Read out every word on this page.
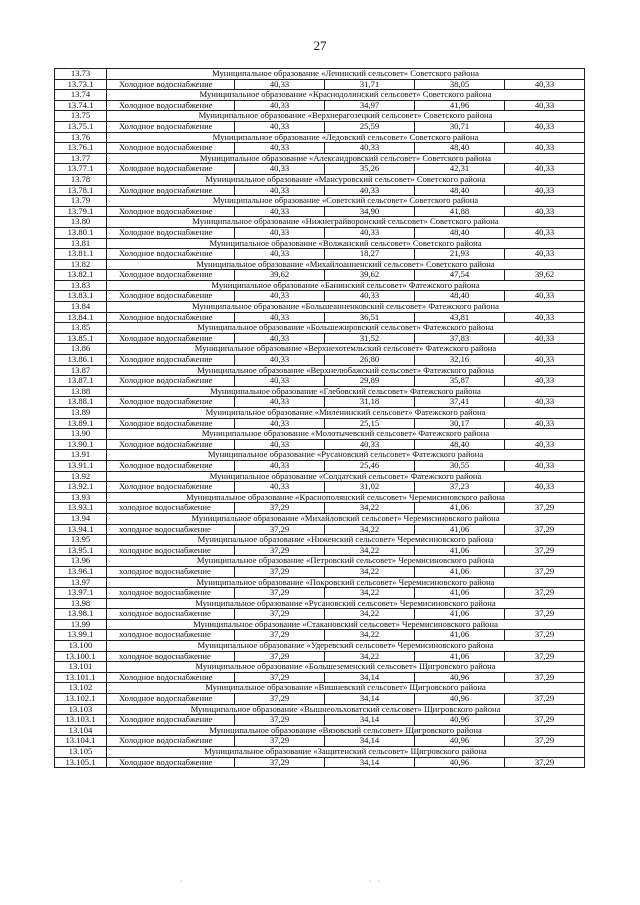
27
13.73	Муниципальное образование «Ленинский сельсовет» Советского района				
13.73.1	Холодное водоснабжение	40,33	31,71	38,05	40,33
13.74	Муниципальное образование «Краснодолинский сельсовет» Советского района				
13.74.1	Холодное водоснабжение	40,33	34,97	41,96	40,33
13.75	Муниципальное образование «Верхнерагозецкий сельсовет» Советского района				
13.75.1	Холодное водоснабжение	40,33	25,59	30,71	40,33
13.76	Муниципальное образование «Ледовский сельсовет» Советского района				
13.76.1	Холодное водоснабжение	40,33	40,33	48,40	40,33
13.77	Муниципальное образование «Александровский сельсовет» Советского района				
13.77.1	Холодное водоснабжение	40,33	35,26	42,31	40,33
13.78	Муниципальное образование «Мансуровский сельсовет» Советского района				
13.78.1	Холодное водоснабжение	40,33	40,33	48,40	40,33
13.79	Муниципальное образование «Советский сельсовет» Советского района				
13.79.1	Холодное водоснабжение	40,33	34,90	41,88	40,33
13.80	Муниципальное образование «Нижнеграйворонский сельсовет» Советского района				
13.80.1	Холодное водоснабжение	40,33	40,33	48,40	40,33
13.81	Муниципальное образование «Волжанский сельсовет» Советского района				
13.81.1	Холодное водоснабжение	40,33	18,27	21,93	40,33
13.82	Муниципальное образование «Михайлоанненский сельсовет» Советского района				
13.82.1	Холодное водоснабжение	39,62	39,62	47,54	39,62
13.83	Муниципальное образование «Банинский сельсовет» Фатежского района				
13.83.1	Холодное водоснабжение	40,33	40,33	48,40	40,33
13.84	Муниципальное образование «Большеанненковский сельсовет» Фатежского района				
13.84.1	Холодное водоснабжение	40,33	36,51	43,81	40,33
13.85	Муниципальное образование «Большежировский сельсовет» Фатежского района				
13.85.1	Холодное водоснабжение	40,33	31,52	37,83	40,33
13.86	Муниципальное образование «Верхнехотемльский сельсовет» Фатежского района				
13.86.1	Холодное водоснабжение	40,33	26,80	32,16	40,33
13.87	Муниципальное образование «Верхнелюбажский сельсовет» Фатежского района				
13.87.1	Холодное водоснабжение	40,33	29,89	35,87	40,33
13.88	Муниципальное образование «Глебовский сельсовет» Фатежского района				
13.88.1	Холодное водоснабжение	40,33	31,18	37,41	40,33
13.89	Муниципальное образование «Миленинский сельсовет» Фатежского района				
13.89.1	Холодное водоснабжение	40,33	25,15	30,17	40,33
13.90	Муниципальное образование «Молотычевский сельсовет» Фатежского района				
13.90.1	Холодное водоснабжение	40,33	40,33	48,40	40,33
13.91	Муниципальное образование «Русановский сельсовет» Фатежского района				
13.91.1	Холодное водоснабжение	40,33	25,46	30,55	40,33
13.92	Муниципальное образование «Солдатский сельсовет» Фатежского района				
13.92.1	Холодное водоснабжение	40,33	31,02	37,23	40,33
13.93	Муниципальное образование «Краснополянский сельсовет» Черемисиновского района				
13.93.1	холодное водоснабжение	37,29	34,22	41,06	37,29
13.94	Муниципальное образование «Михайловский сельсовет» Черемисиновского района				
13.94.1	холодное водоснабжение	37,29	34,22	41,06	37,29
13.95	Муниципальное образование «Ниженский сельсовет» Черемисиновского района				
13.95.1	холодное водоснабжение	37,29	34,22	41,06	37,29
13.96	Муниципальное образование «Петровский сельсовет» Черемисиновского района				
13.96.1	холодное водоснабжение	37,29	34,22	41,06	37,29
13.97	Муниципальное образование «Покровский сельсовет» Черемисиновского района				
13.97.1	холодное водоснабжение	37,29	34,22	41,06	37,29
13.98	Муниципальное образование «Русановский сельсовет» Черемисиновского района				
13.98.1	холодное водоснабжение	37,29	34,22	41,06	37,29
13.99	Муниципальное образование «Стакановский сельсовет» Черемисиновского района				
13.99.1	холодное водоснабжение	37,29	34,22	41,06	37,29
13.100	Муниципальное образование «Удеревский сельсовет» Черемисиновского района				
13.100.1	холодное водоснабжение	37,29	34,22	41,06	37,29
13.101	Муниципальное образование «Большеземенский сельсовет» Щигровского района				
13.101.1	Холодное водоснабжение	37,29	34,14	40,96	37,29
13.102	Муниципальное образование «Вишневский сельсовет» Щигровского района				
13.102.1	Холодное водоснабжение	37,29	34,14	40,96	37,29
13.103	Муниципальное образование «Вышнеольховатский сельсовет» Щигровского района				
13.103.1	Холодное водоснабжение	37,29	34,14	40,96	37,29
13.104	Муниципальное образование «Вязовский сельсовет» Щигровского района				
13.104.1	Холодное водоснабжение	37,29	34,14	40,96	37,29
13.105	Муниципальное образование «Защитенский сельсовет» Щигровского района				
13.105.1	Холодное водоснабжение	37,29	34,14	40,96	37,29
·                                              · ·
